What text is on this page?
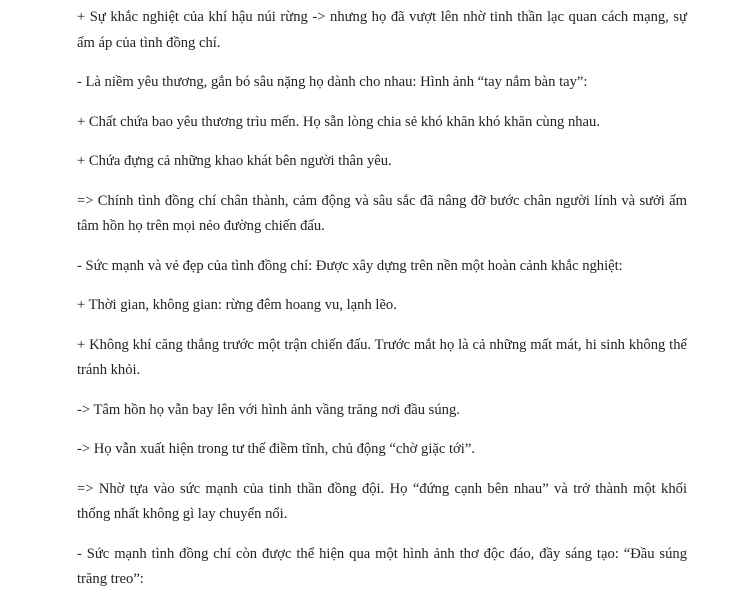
+ Sự khắc nghiệt của khí hậu núi rừng -> nhưng họ đã vượt lên nhờ tinh thần lạc quan cách mạng, sự ấm áp của tình đồng chí.

- Là niềm yêu thương, gắn bó sâu nặng họ dành cho nhau: Hình ảnh “tay nắm bàn tay”:

+ Chất chứa bao yêu thương trìu mến. Họ sẵn lòng chia sẻ khó khăn khó khăn cùng nhau.

+ Chứa đựng cả những khao khát bên người thân yêu.

=> Chính tình đồng chí chân thành, cảm động và sâu sắc đã nâng đỡ bước chân người lính và sưởi ấm tâm hồn họ trên mọi nẻo đường chiến đấu.

- Sức mạnh và vẻ đẹp của tình đồng chí: Được xây dựng trên nền một hoàn cảnh khắc nghiệt:

+ Thời gian, không gian: rừng đêm hoang vu, lạnh lẽo.

+ Không khí căng thẳng trước một trận chiến đấu. Trước mắt họ là cả những mất mát, hi sinh không thể tránh khỏi.

-> Tâm hồn họ vẫn bay lên với hình ảnh vầng trăng nơi đầu súng.

-> Họ vẫn xuất hiện trong tư thế điềm tĩnh, chủ động “chờ giặc tới”.

=> Nhờ tựa vào sức mạnh của tinh thần đồng đội. Họ “đứng cạnh bên nhau” và trở thành một khối thống nhất không gì lay chuyển nổi.

- Sức mạnh tình đồng chí còn được thể hiện qua một hình ảnh thơ độc đáo, đầy sáng tạo: “Đầu súng trăng treo”:
